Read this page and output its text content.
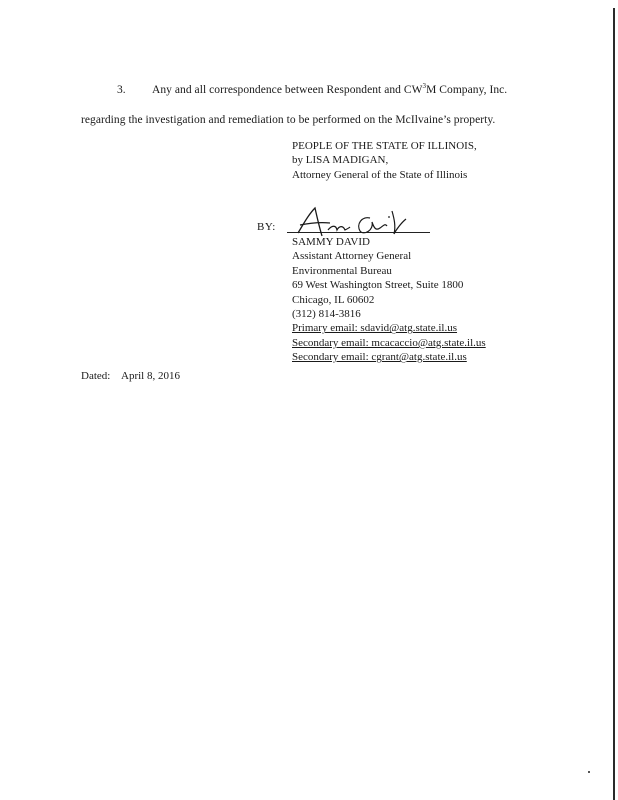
3. Any and all correspondence between Respondent and $CW^3M$ Company, Inc.
regarding the investigation and remediation to be performed on the McIlvaine’s property.
PEOPLE OF THE STATE OF ILLINOIS,
by LISA MADIGAN,
Attorney General of the State of Illinois
BY:
SAMMY DAVID
Assistant Attorney General
Environmental Bureau
69 West Washington Street, Suite 1800
Chicago, IL 60602
(312) 814-3816
Primary email: sdavid@atg.state.il.us
Secondary email: mcacaccio@atg.state.il.us
Secondary email: cgrant@atg.state.il.us
Dated: April 8, 2016
